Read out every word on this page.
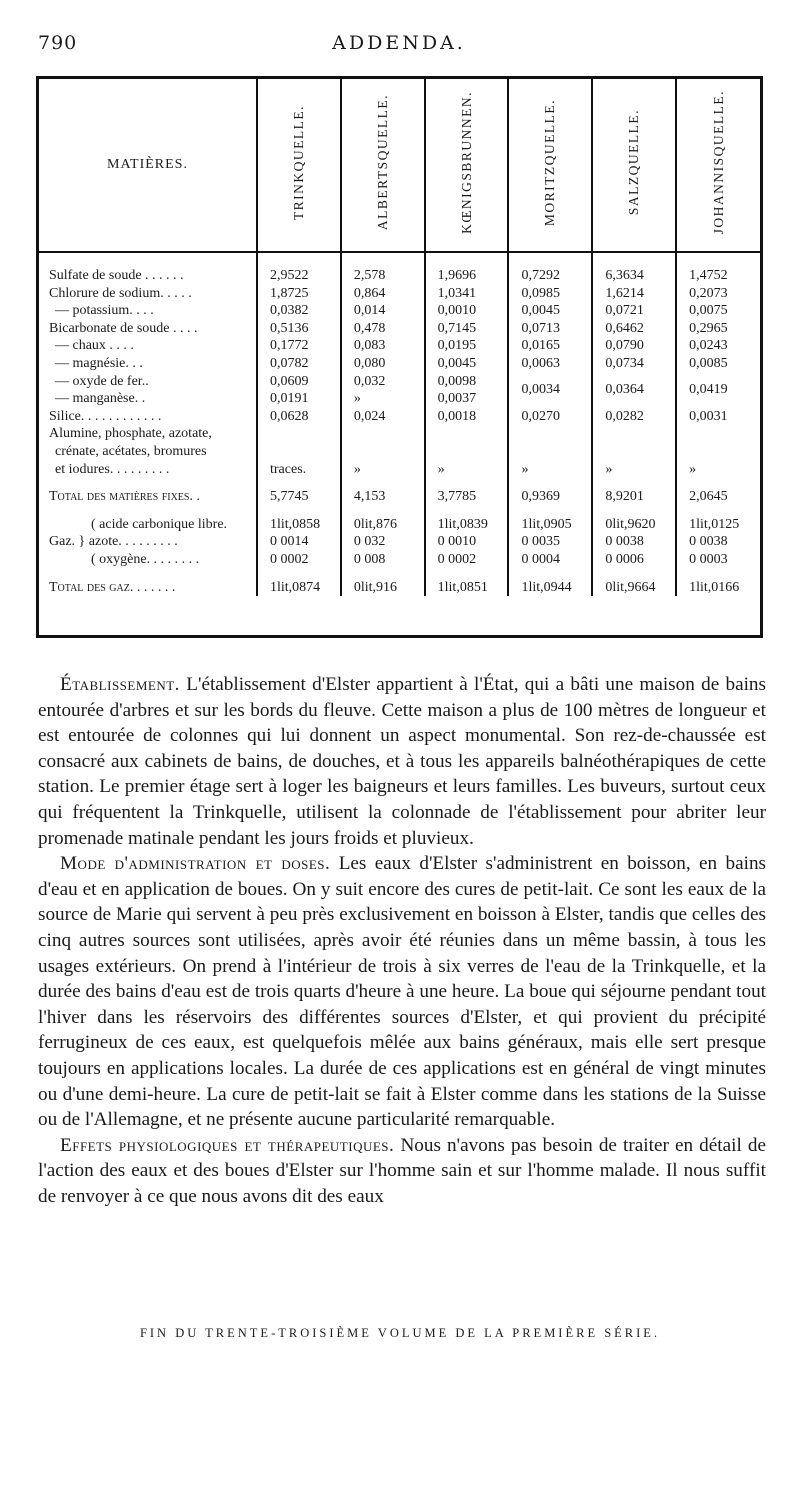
790	ADDENDA.
MATIÈRES.	TRINKQUELLE.	ALBERTSQUELLE.	KŒNIGSBRUNNEN.	MORITZQUELLE.	SALZQUELLE.	JOHANNISQUELLE.

Sulfate de soude . . . . . .	2,9522	2,578	1,9696	0,7292	6,3634	1,4752
Chlorure de sodium. . . . .	1,8725	0,864	1,0341	0,0985	1,6214	0,2073
— potassium. . . .	0,0382	0,014	0,0010	0,0045	0,0721	0,0075
Bicarbonate de soude . . . .	0,5136	0,478	0,7145	0,0713	0,6462	0,2965
— chaux . . . .	0,1772	0,083	0,0195	0,0165	0,0790	0,0243
— magnésie. . .	0,0782	0,080	0,0045	0,0063	0,0734	0,0085
— oxyde de fer..	0,0609	0,032	0,0098	0,0034	0,0364	0,0419
— manganèse. .	0,0191	»	0,0037			
Silice. . . . . . . . . . . .	0,0628	0,024	0,0018	0,0270	0,0282	0,0031
Alumine, phosphate, azotate,						
crénate, acétates, bromures						
et iodures. . . . . . . . .	traces.	»	»	»	»	»

Total des matières fixes. .	5,7745	4,153	3,7785	0,9369	8,9201	2,0645

( acide carbonique libre.	1lit,0858	0lit,876	1lit,0839	1lit,0905	0lit,9620	1lit,0125
Gaz. } azote. . . . . . . . .	0 0014	0 032	0 0010	0 0035	0 0038	0 0038
( oxygène. . . . . . . .	0 0002	0 008	0 0002	0 0004	0 0006	0 0003

Total des gaz. . . . . . .	1lit,0874	0lit,916	1lit,0851	1lit,0944	0lit,9664	1lit,0166

Établissement. L'établissement d'Elster appartient à l'État, qui a bâti une maison de bains entourée d'arbres et sur les bords du fleuve. Cette maison a plus de 100 mètres de longueur et est entourée de colonnes qui lui donnent un aspect monumental. Son rez-de-chaussée est consacré aux cabinets de bains, de douches, et à tous les appareils balnéothérapiques de cette station. Le premier étage sert à loger les baigneurs et leurs familles. Les buveurs, surtout ceux qui fréquentent la Trinkquelle, utilisent la colonnade de l'établissement pour abriter leur promenade matinale pendant les jours froids et pluvieux.

Mode d'administration et doses. Les eaux d'Elster s'administrent en boisson, en bains d'eau et en application de boues. On y suit encore des cures de petit-lait. Ce sont les eaux de la source de Marie qui servent à peu près exclusivement en boisson à Elster, tandis que celles des cinq autres sources sont utilisées, après avoir été réunies dans un même bassin, à tous les usages extérieurs. On prend à l'intérieur de trois à six verres de l'eau de la Trinkquelle, et la durée des bains d'eau est de trois quarts d'heure à une heure. La boue qui séjourne pendant tout l'hiver dans les réservoirs des différentes sources d'Elster, et qui provient du précipité ferrugineux de ces eaux, est quelquefois mêlée aux bains généraux, mais elle sert presque toujours en applications locales. La durée de ces applications est en général de vingt minutes ou d'une demi-heure. La cure de petit-lait se fait à Elster comme dans les stations de la Suisse ou de l'Allemagne, et ne présente aucune particularité remarquable.

Effets physiologiques et thérapeutiques. Nous n'avons pas besoin de traiter en détail de l'action des eaux et des boues d'Elster sur l'homme sain et sur l'homme malade. Il nous suffit de renvoyer à ce que nous avons dit des eaux

FIN DU TRENTE-TROISIÈME VOLUME DE LA PREMIÈRE SÉRIE.
